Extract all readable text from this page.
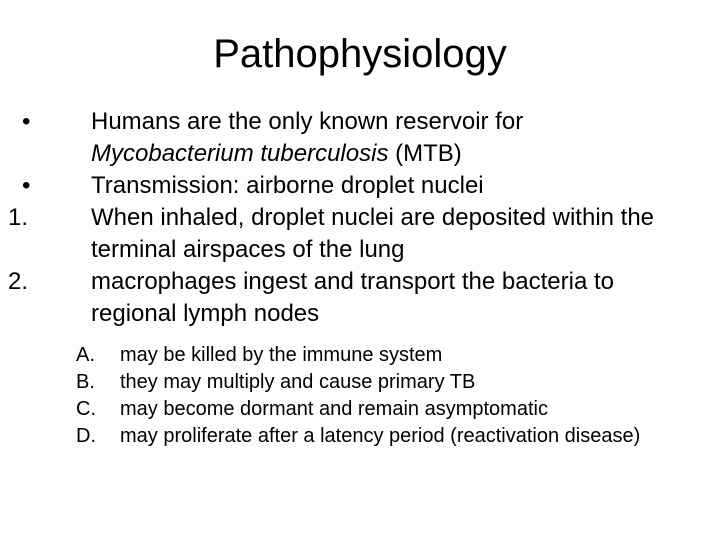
Pathophysiology
•	Humans are the only known reservoir for
Mycobacterium tuberculosis (MTB)
•	Transmission: airborne droplet nuclei
1.	When inhaled, droplet nuclei are deposited within the terminal airspaces of the lung
2.	macrophages ingest and transport the bacteria to regional lymph nodes
A. may be killed by the immune system
B. they may multiply and cause primary TB
C. may become dormant and remain asymptomatic
D. may proliferate after a latency period (reactivation disease)
